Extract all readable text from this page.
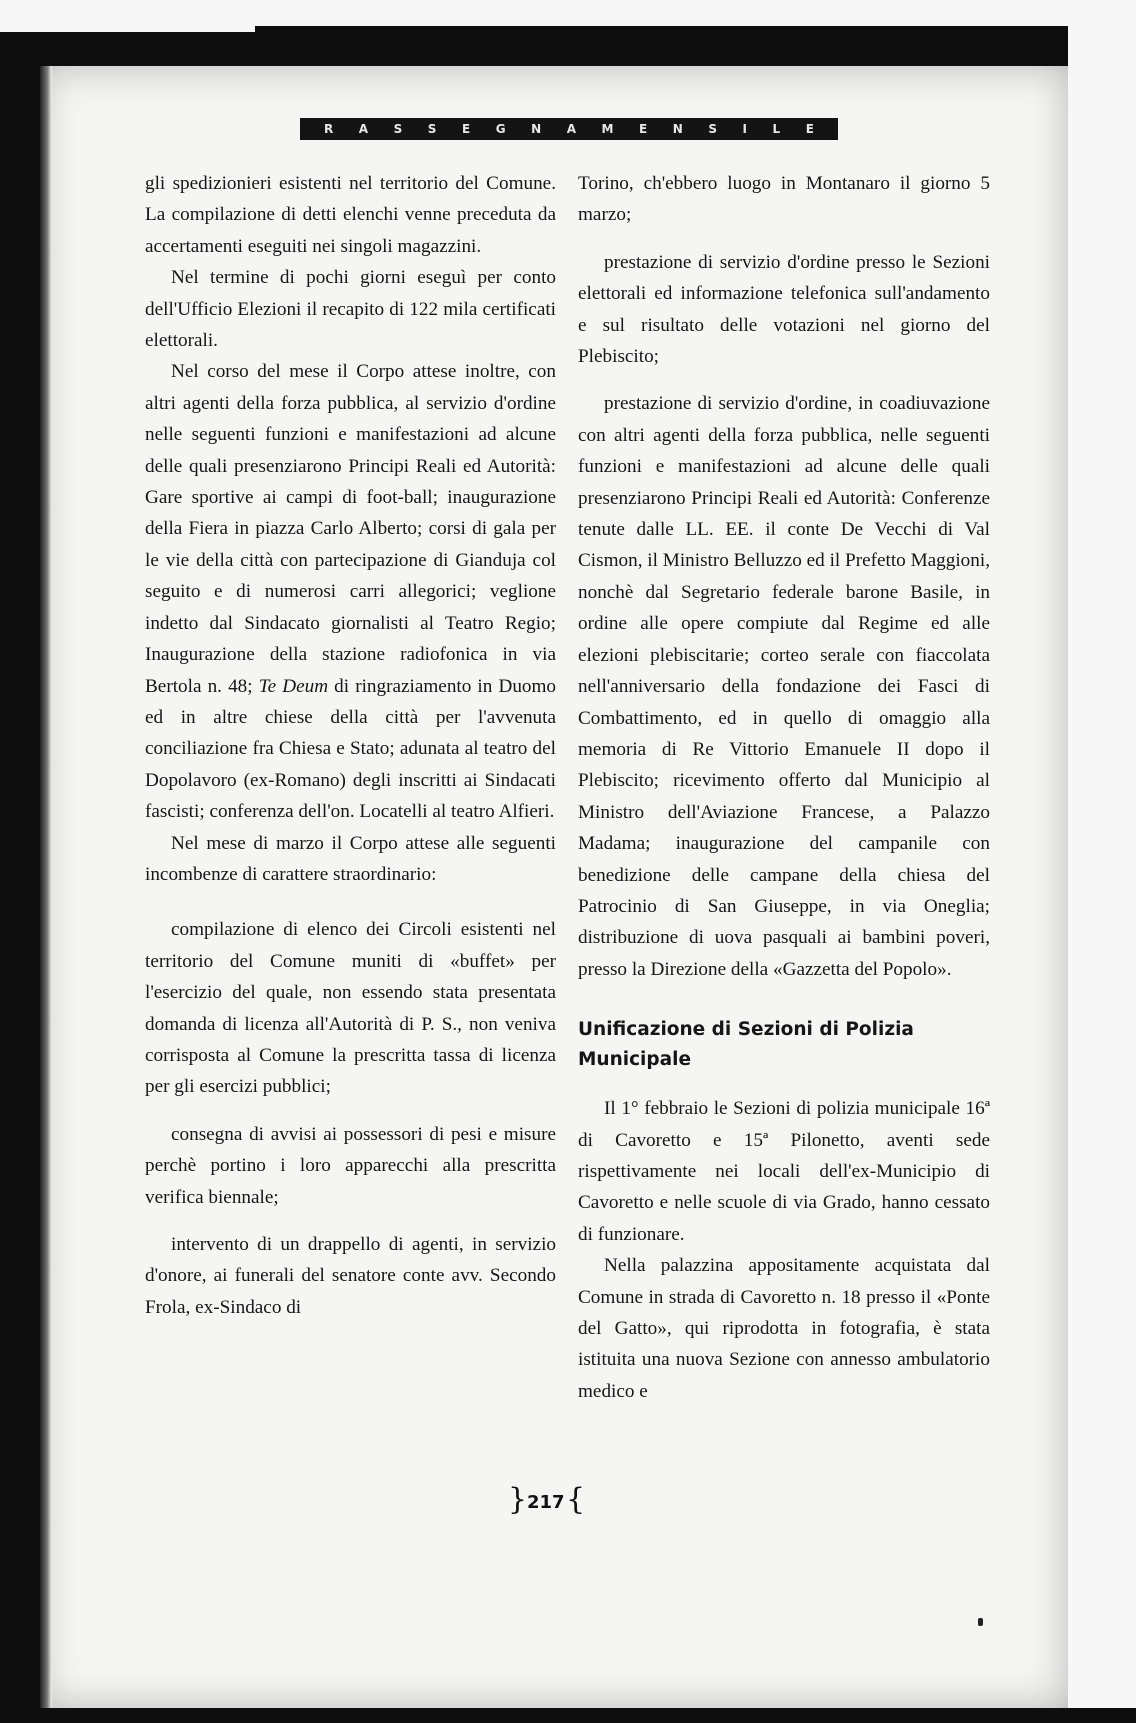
R A S S E G N A M E N S I L E

gli spedizionieri esistenti nel territorio del Comune. La compilazione di detti elenchi venne preceduta da accertamenti eseguiti nei singoli magazzini.

Nel termine di pochi giorni eseguì per conto dell'Ufficio Elezioni il recapito di 122 mila certificati elettorali.

Nel corso del mese il Corpo attese inoltre, con altri agenti della forza pubblica, al servizio d'ordine nelle seguenti funzioni e manifestazioni ad alcune delle quali presenziarono Principi Reali ed Autorità: Gare sportive ai campi di foot-ball; inaugurazione della Fiera in piazza Carlo Alberto; corsi di gala per le vie della città con partecipazione di Gianduja col seguito e di numerosi carri allegorici; veglione indetto dal Sindacato giornalisti al Teatro Regio; Inaugurazione della stazione radiofonica in via Bertola n. 48; Te Deum di ringraziamento in Duomo ed in altre chiese della città per l'avvenuta conciliazione fra Chiesa e Stato; adunata al teatro del Dopolavoro (ex-Romano) degli inscritti ai Sindacati fascisti; conferenza dell'on. Locatelli al teatro Alfieri.

Nel mese di marzo il Corpo attese alle seguenti incombenze di carattere straordinario:

compilazione di elenco dei Circoli esistenti nel territorio del Comune muniti di «buffet» per l'esercizio del quale, non essendo stata presentata domanda di licenza all'Autorità di P. S., non veniva corrisposta al Comune la prescritta tassa di licenza per gli esercizi pubblici;

consegna di avvisi ai possessori di pesi e misure perchè portino i loro apparecchi alla prescritta verifica biennale;

intervento di un drappello di agenti, in servizio d'onore, ai funerali del senatore conte avv. Secondo Frola, ex-Sindaco di

Torino, ch'ebbero luogo in Montanaro il giorno 5 marzo;

prestazione di servizio d'ordine presso le Sezioni elettorali ed informazione telefonica sull'andamento e sul risultato delle votazioni nel giorno del Plebiscito;

prestazione di servizio d'ordine, in coadiuvazione con altri agenti della forza pubblica, nelle seguenti funzioni e manifestazioni ad alcune delle quali presenziarono Principi Reali ed Autorità: Conferenze tenute dalle LL. EE. il conte De Vecchi di Val Cismon, il Ministro Belluzzo ed il Prefetto Maggioni, nonchè dal Segretario federale barone Basile, in ordine alle opere compiute dal Regime ed alle elezioni plebiscitarie; corteo serale con fiaccolata nell'anniversario della fondazione dei Fasci di Combattimento, ed in quello di omaggio alla memoria di Re Vittorio Emanuele II dopo il Plebiscito; ricevimento offerto dal Municipio al Ministro dell'Aviazione Francese, a Palazzo Madama; inaugurazione del campanile con benedizione delle campane della chiesa del Patrocinio di San Giuseppe, in via Oneglia; distribuzione di uova pasquali ai bambini poveri, presso la Direzione della «Gazzetta del Popolo».

Unificazione di Sezioni di Polizia Municipale

Il 1° febbraio le Sezioni di polizia municipale 16ª di Cavoretto e 15ª Pilonetto, aventi sede rispettivamente nei locali dell'ex-Municipio di Cavoretto e nelle scuole di via Grado, hanno cessato di funzionare.

Nella palazzina appositamente acquistata dal Comune in strada di Cavoretto n. 18 presso il «Ponte del Gatto», qui riprodotta in fotografia, è stata istituita una nuova Sezione con annesso ambulatorio medico e

} 217 {
